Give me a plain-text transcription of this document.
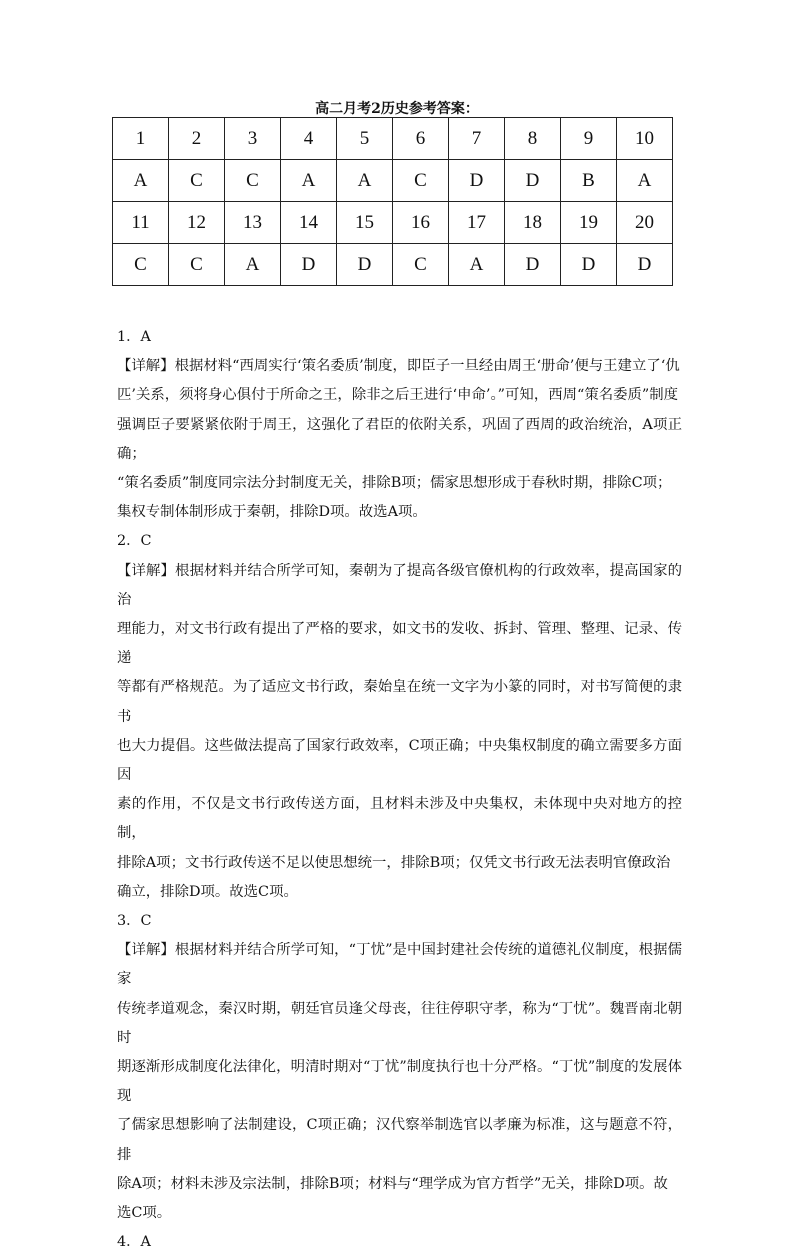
高二月考2历史参考答案：
1	2	3	4	5	6	7	8	9	10
A	C	C	A	A	C	D	D	B	A
11	12	13	14	15	16	17	18	19	20
C	C	A	D	D	C	A	D	D	D

1．A

【详解】根据材料“西周实行‘策名委质’制度，即臣子一旦经由周王‘册命’便与王建立了‘仇

匹’关系，须将身心俱付于所命之王，除非之后王进行‘申命’。”可知，西周“策名委质”制度

强调臣子要紧紧依附于周王，这强化了君臣的依附关系，巩固了西周的政治统治，A项正确；

“策名委质”制度同宗法分封制度无关，排除B项；儒家思想形成于春秋时期，排除C项；

集权专制体制形成于秦朝，排除D项。故选A项。

2．C

【详解】根据材料并结合所学可知，秦朝为了提高各级官僚机构的行政效率，提高国家的治

理能力，对文书行政有提出了严格的要求，如文书的发收、拆封、管理、整理、记录、传递

等都有严格规范。为了适应文书行政，秦始皇在统一文字为小篆的同时，对书写简便的隶书

也大力提倡。这些做法提高了国家行政效率，C项正确；中央集权制度的确立需要多方面因

素的作用，不仅是文书行政传送方面，且材料未涉及中央集权，未体现中央对地方的控制，

排除A项；文书行政传送不足以使思想统一，排除B项；仅凭文书行政无法表明官僚政治

确立，排除D项。故选C项。

3．C

【详解】根据材料并结合所学可知，“丁忧”是中国封建社会传统的道德礼仪制度，根据儒家

传统孝道观念，秦汉时期，朝廷官员逢父母丧，往往停职守孝，称为“丁忧”。魏晋南北朝时

期逐渐形成制度化法律化，明清时期对“丁忧”制度执行也十分严格。“丁忧”制度的发展体现

了儒家思想影响了法制建设，C项正确；汉代察举制选官以孝廉为标准，这与题意不符，排

除A项；材料未涉及宗法制，排除B项；材料与“理学成为官方哲学”无关，排除D项。故

选C项。

4．A
